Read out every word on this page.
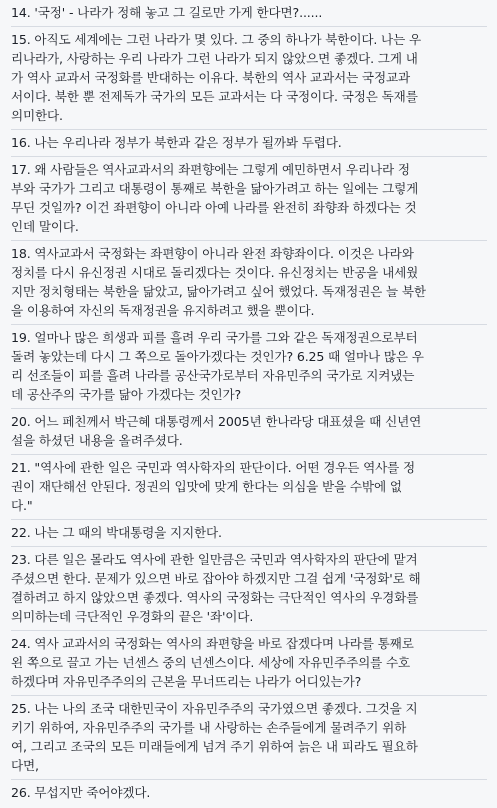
14. '국정' - 나라가 정해 놓고 그 길로만 가게 한다면?......
15. 아직도 세계에는 그런 나라가 몇 있다. 그 중의 하나가 북한이다. 나는 우
리나라가, 사랑하는 우리 나라가 그런 나라가 되지 않았으면 좋겠다. 그게 내
가 역사 교과서 국정화를 반대하는 이유다. 북한의 역사 교과서는 국정교과
서이다. 북한 뿐 전제독가 국가의 모든 교과서는 다 국정이다. 국정은 독재를
의미한다.
16. 나는 우리나라 정부가 북한과 같은 정부가 될까봐 두렵다.
17. 왜 사람들은 역사교과서의 좌편향에는 그렇게 예민하면서 우리나라 정
부와 국가가 그리고 대통령이 통째로 북한을 닮아가려고 하는 일에는 그렇게
무딘 것일까? 이건 좌편향이 아니라 아예 나라를 완전히 좌향좌 하겠다는 것
인데 말이다.
18. 역사교과서 국정화는 좌편향이 아니라 완전 좌향좌이다. 이것은 나라와
정치를 다시 유신정권 시대로 돌리겠다는 것이다. 유신정치는 반공을 내세웠
지만 정치형태는 북한을 닮았고, 닮아가려고 싶어 했었다. 독재정권은 늘 북한
을 이용하여 자신의 독재정권을 유지하려고 했을 뿐이다.
19. 얼마나 많은 희생과 피를 흘려 우리 국가를 그와 같은 독재정권으로부터
돌려 놓았는데 다시 그 쪽으로 돌아가겠다는 것인가? 6.25 때 얼마나 많은 우
리 선조들이 피를 흘려 나라를 공산국가로부터 자유민주의 국가로 지켜냈는
데 공산주의 국가를 닮아 가겠다는 것인가?
20. 어느 페친께서 박근혜 대통령께서 2005년 한나라당 대표셨을 때 신년연
설을 하셨던 내용을 올려주셨다.
21. "역사에 관한 일은 국민과 역사학자의 판단이다. 어떤 경우든 역사를 정
권이 재단해선 안된다. 정권의 입맛에 맞게 한다는 의심을 받을 수밖에 없
다."
22. 나는 그 때의 박대통령을 지지한다.
23. 다른 일은 몰라도 역사에 관한 일만큼은 국민과 역사학자의 판단에 맡겨
주셨으면 한다. 문제가 있으면 바로 잡아야 하겠지만 그걸 쉽게 '국정화'로 해
결하려고 하지 않았으면 좋겠다. 역사의 국정화는 극단적인 역사의 우경화를
의미하는데 극단적인 우경화의 끝은 '좌'이다.
24. 역사 교과서의 국정화는 역사의 좌편향을 바로 잡겠다며 나라를 통째로
왼 쪽으로 끌고 가는 넌센스 중의 넌센스이다. 세상에 자유민주주의를 수호
하겠다며 자유민주주의의 근본을 무너뜨리는 나라가 어디있는가?
25. 나는 나의 조국 대한민국이 자유민주주의 국가였으면 좋겠다. 그것을 지
키기 위하여, 자유민주주의 국가를 내 사랑하는 손주들에게 물려주기 위하
여, 그리고 조국의 모든 미래들에게 넘겨 주기 위하여 늙은 내 피라도 필요하
다면,
26. 무섭지만 죽어야겠다.
